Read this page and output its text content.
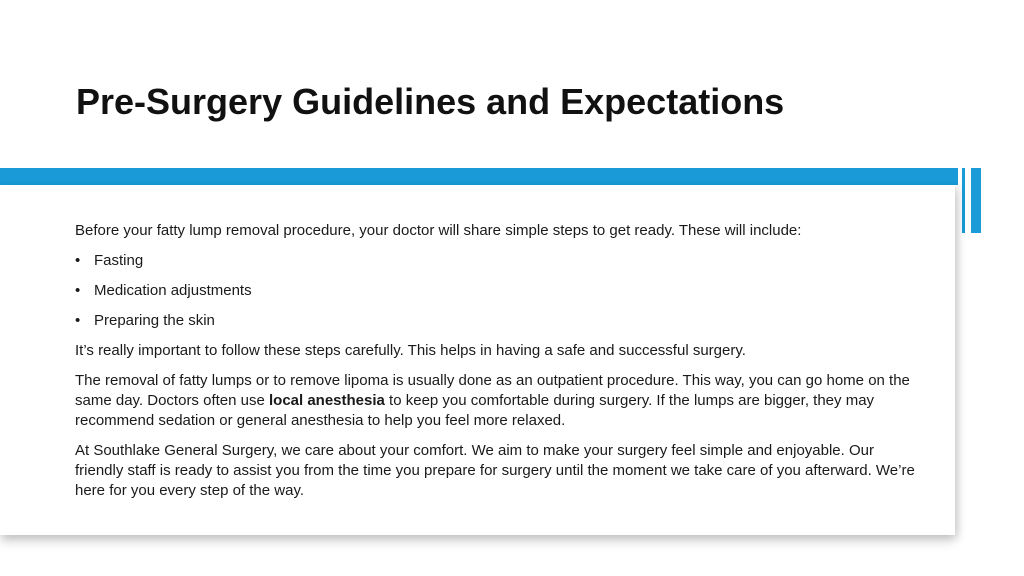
Pre-Surgery Guidelines and Expectations

Before your fatty lump removal procedure, your doctor will share simple steps to get ready. These will include:

• Fasting
• Medication adjustments
• Preparing the skin

It’s really important to follow these steps carefully. This helps in having a safe and successful surgery.

The removal of fatty lumps or to remove lipoma is usually done as an outpatient procedure. This way, you can go home on the same day. Doctors often use local anesthesia to keep you comfortable during surgery. If the lumps are bigger, they may recommend sedation or general anesthesia to help you feel more relaxed.

At Southlake General Surgery, we care about your comfort. We aim to make your surgery feel simple and enjoyable. Our friendly staff is ready to assist you from the time you prepare for surgery until the moment we take care of you afterward. We’re here for you every step of the way.
